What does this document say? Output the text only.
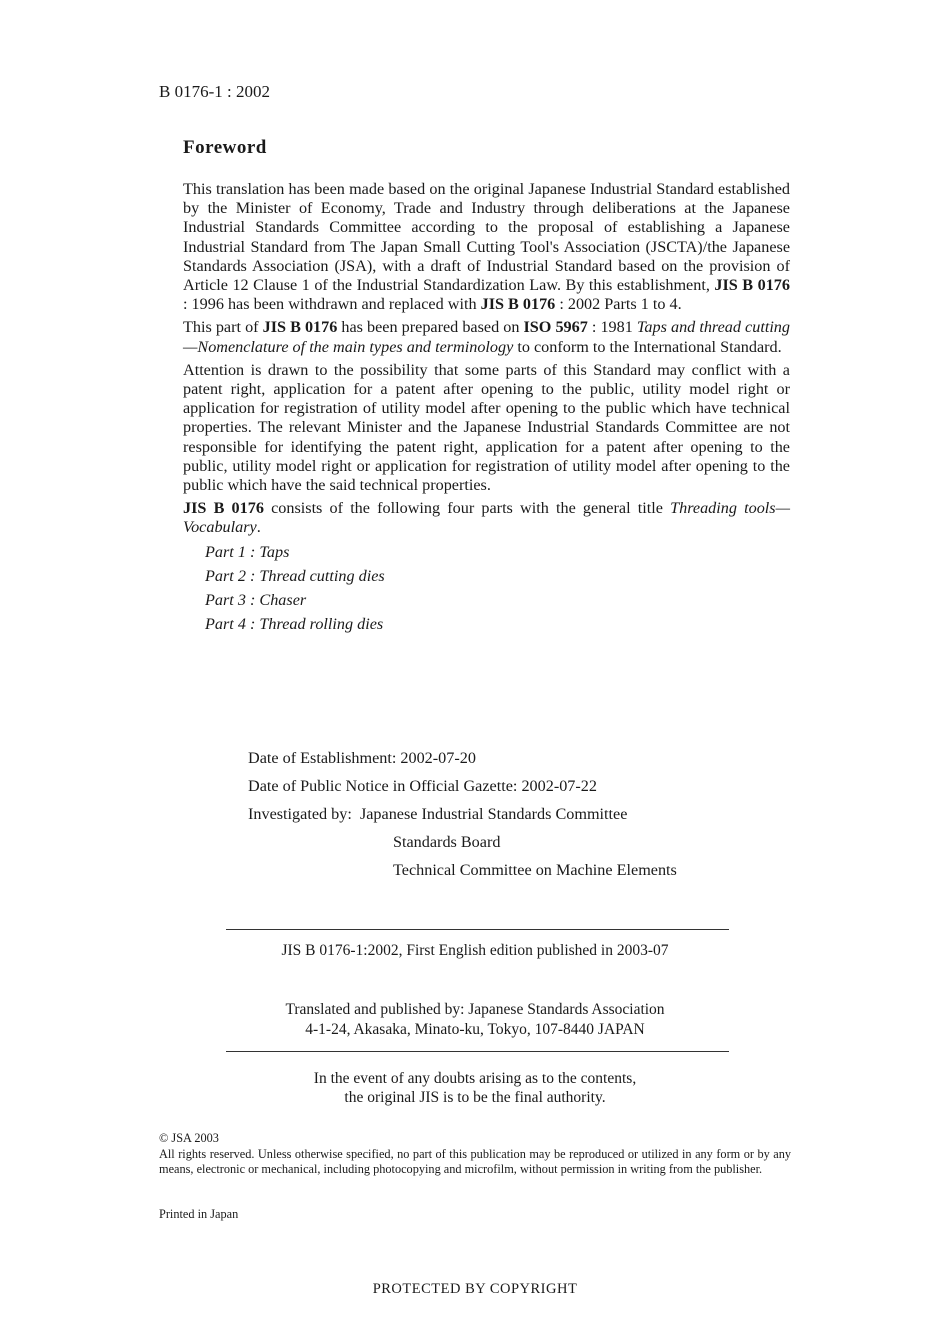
B 0176-1 : 2002
Foreword

This translation has been made based on the original Japanese Industrial Standard established by the Minister of Economy, Trade and Industry through deliberations at the Japanese Industrial Standards Committee according to the proposal of establishing a Japanese Industrial Standard from The Japan Small Cutting Tool's Association (JSCTA)/the Japanese Standards Association (JSA), with a draft of Industrial Standard based on the provision of Article 12 Clause 1 of the Industrial Standardization Law. By this establishment, JIS B 0176 : 1996 has been withdrawn and replaced with JIS B 0176 : 2002 Parts 1 to 4.

This part of JIS B 0176 has been prepared based on ISO 5967 : 1981 Taps and thread cutting—Nomenclature of the main types and terminology to conform to the International Standard.

Attention is drawn to the possibility that some parts of this Standard may conflict with a patent right, application for a patent after opening to the public, utility model right or application for registration of utility model after opening to the public which have technical properties. The relevant Minister and the Japanese Industrial Standards Committee are not responsible for identifying the patent right, application for a patent after opening to the public, utility model right or application for registration of utility model after opening to the public which have the said technical properties.

JIS B 0176 consists of the following four parts with the general title Threading tools—Vocabulary.

Part 1 : Taps
Part 2 : Thread cutting dies
Part 3 : Chaser
Part 4 : Thread rolling dies
Date of Establishment: 2002-07-20
Date of Public Notice in Official Gazette: 2002-07-22
Investigated by: Japanese Industrial Standards Committee
Standards Board
Technical Committee on Machine Elements
JIS B 0176-1:2002, First English edition published in 2003-07
Translated and published by: Japanese Standards Association
4-1-24, Akasaka, Minato-ku, Tokyo, 107-8440 JAPAN
In the event of any doubts arising as to the contents,
the original JIS is to be the final authority.
© JSA 2003
All rights reserved. Unless otherwise specified, no part of this publication may be reproduced or utilized in any form or by any means, electronic or mechanical, including photocopying and microfilm, without permission in writing from the publisher.
Printed in Japan
PROTECTED BY COPYRIGHT
